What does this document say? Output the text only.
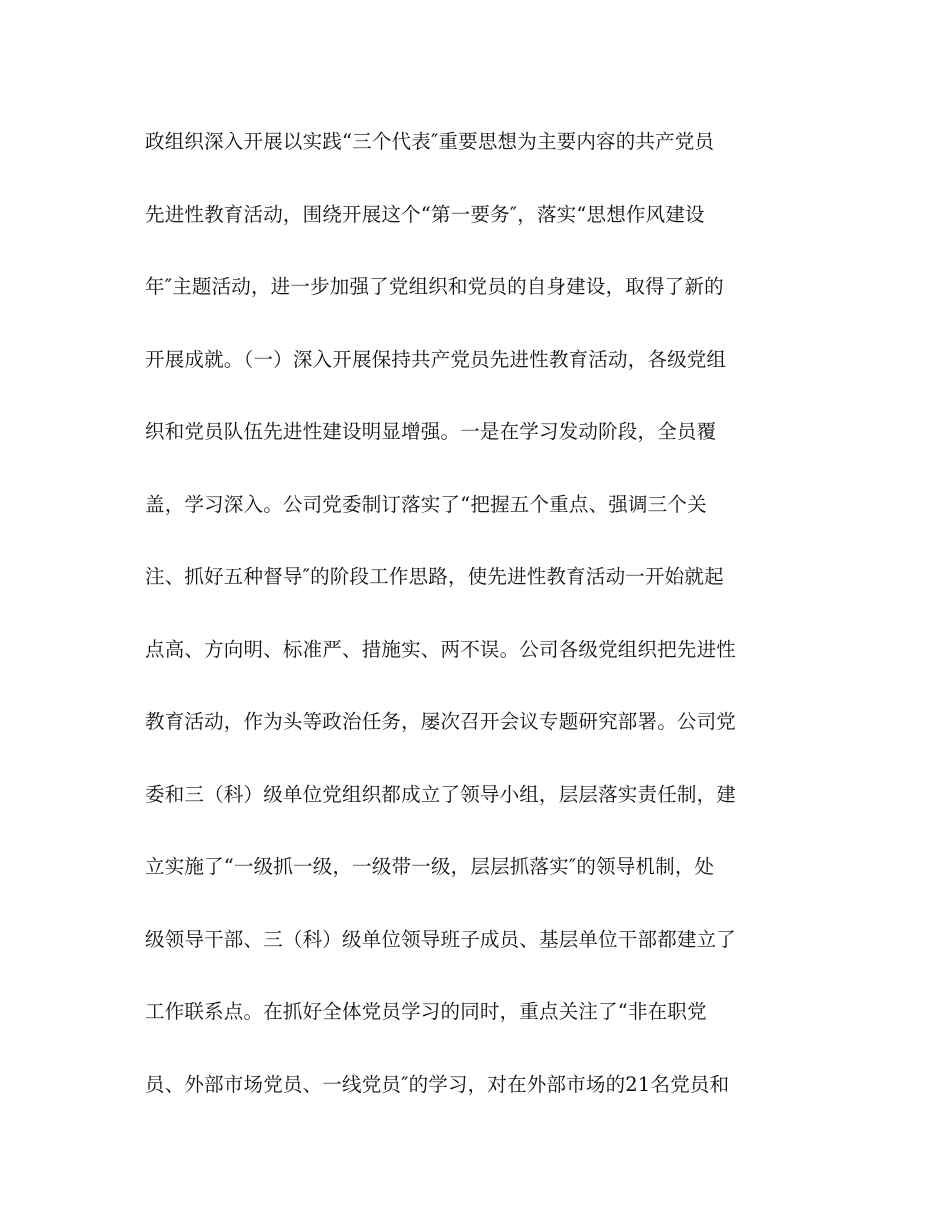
政组织深入开展以实践“三个代表″重要思想为主要内容的共产党员
先进性教育活动，围绕开展这个“第一要务″，落实“思想作风建设
年″主题活动，进一步加强了党组织和党员的自身建设，取得了新的
开展成就。（一）深入开展保持共产党员先进性教育活动，各级党组
织和党员队伍先进性建设明显增强。一是在学习发动阶段，全员覆
盖，学习深入。公司党委制订落实了“把握五个重点、强调三个关
注、抓好五种督导″的阶段工作思路，使先进性教育活动一开始就起
点高、方向明、标准严、措施实、两不误。公司各级党组织把先进性
教育活动，作为头等政治任务，屡次召开会议专题研究部署。公司党
委和三（科）级单位党组织都成立了领导小组，层层落实责任制，建
立实施了“一级抓一级，一级带一级，层层抓落实″的领导机制，处
级领导干部、三（科）级单位领导班子成员、基层单位干部都建立了
工作联系点。在抓好全体党员学习的同时，重点关注了“非在职党
员、外部市场党员、一线党员″的学习，对在外部市场的21名党员和
